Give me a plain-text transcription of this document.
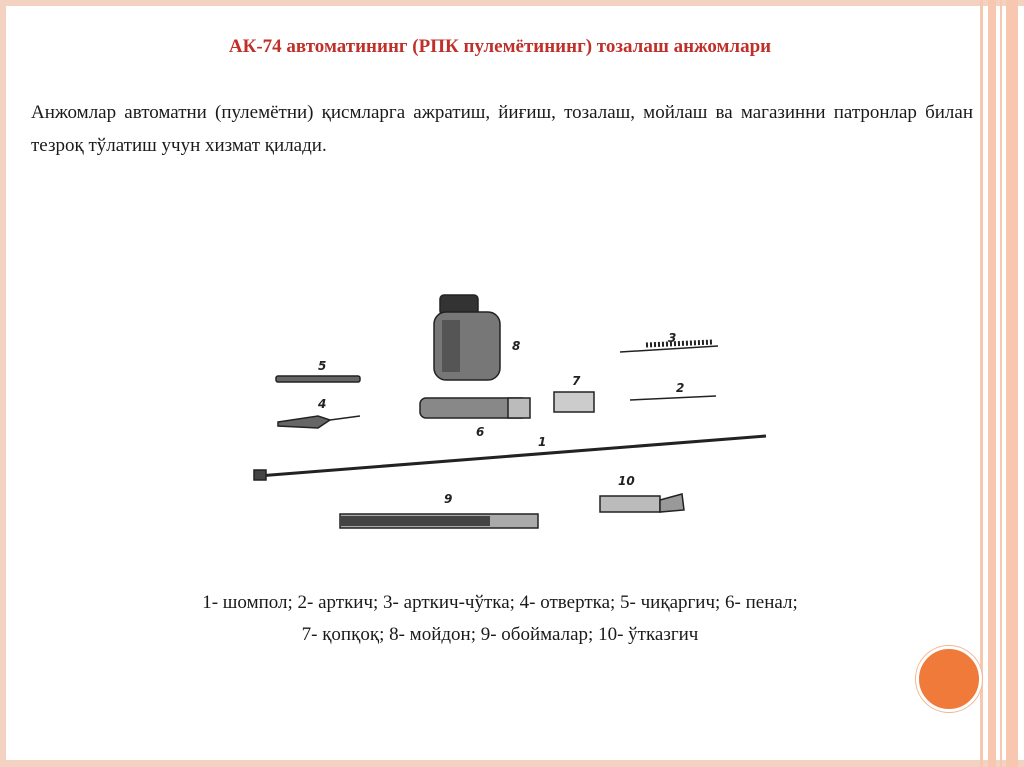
АК-74 автоматининг (РПК пулемётининг) тозалаш анжомлари
Анжомлар автоматни (пулемётни) қисмларга ажратиш, йиғиш, тозалаш, мойлаш ва магазинни патронлар билан тезроқ тўлатиш учун хизмат қилади.
1
2
3
4
5
6
7
8
9
10
1- шомпол; 2- арткич; 3- арткич-чўтка; 4- отвертка; 5- чиқаргич; 6- пенал;
7- қопқоқ; 8- мойдон; 9- обоймалар; 10- ўтказгич
